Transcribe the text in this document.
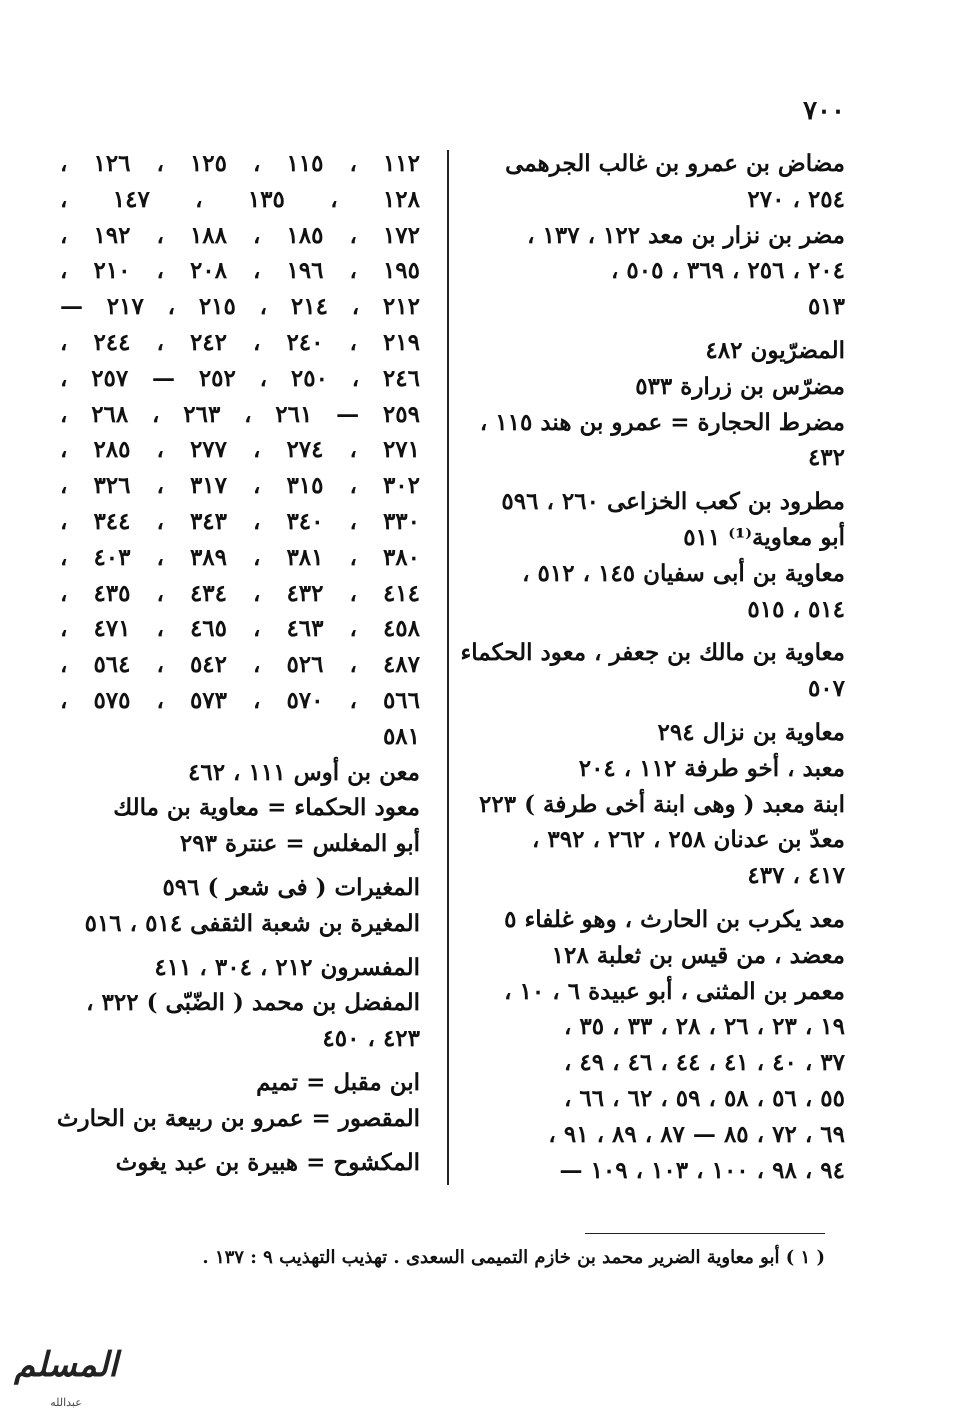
٧٠٠
مضاض بن عمرو بن غالب الجرهمى
٢٥٤ ، ٢٧٠
مضر بن نزار بن معد ١٢٢ ، ١٣٧ ،
٢٠٤ ، ٢٥٦ ، ٣٦٩ ، ٥٠٥ ،
٥١٣
المضرّيون ٤٨٢
مضرّس بن زرارة ٥٣٣
مضرط الحجارة = عمرو بن هند ١١٥ ،
٤٣٢
مطرود بن كعب الخزاعى ٢٦٠ ، ٥٩٦
أبو معاوية⁽¹⁾ ٥١١
معاوية بن أبى سفيان ١٤٥ ، ٥١٢ ،
٥١٤ ، ٥١٥
معاوية بن مالك بن جعفر ، معود الحكماء
٥٠٧
معاوية بن نزال ٢٩٤
معبد ، أخو طرفة ١١٢ ، ٢٠٤
ابنة معبد ( وهى ابنة أخى طرفة ) ٢٢٣
معدّ بن عدنان ٢٥٨ ، ٢٦٢ ، ٣٩٢ ،
٤١٧ ، ٤٣٧
معد يكرب بن الحارث ، وهو غلفاء ٥
معضد ، من قيس بن ثعلبة ١٢٨
معمر بن المثنى ، أبو عبيدة ٦ ، ١٠ ،
١٩ ، ٢٣ ، ٢٦ ، ٢٨ ، ٣٣ ، ٣٥ ،
٣٧ ، ٤٠ ، ٤١ ، ٤٤ ، ٤٦ ، ٤٩ ،
٥٥ ، ٥٦ ، ٥٨ ، ٥٩ ، ٦٢ ، ٦٦ ،
٦٩ ، ٧٢ ، ٨٥ — ٨٧ ، ٨٩ ، ٩١ ،
٩٤ ، ٩٨ ، ١٠٠ ، ١٠٣ ، ١٠٩ —
١١٢ ، ١١٥ ، ١٢٥ ، ١٢٦ ،
١٢٨ ، ١٣٥ ، ١٤٧ ،
١٧٢ ، ١٨٥ ، ١٨٨ ، ١٩٢ ،
١٩٥ ، ١٩٦ ، ٢٠٨ ، ٢١٠ ،
٢١٢ ، ٢١٤ ، ٢١٥ ، ٢١٧ —
٢١٩ ، ٢٤٠ ، ٢٤٢ ، ٢٤٤ ،
٢٤٦ ، ٢٥٠ ، ٢٥٢ — ٢٥٧ ،
٢٥٩ — ٢٦١ ، ٢٦٣ ، ٢٦٨ ،
٢٧١ ، ٢٧٤ ، ٢٧٧ ، ٢٨٥ ،
٣٠٢ ، ٣١٥ ، ٣١٧ ، ٣٢٦ ،
٣٣٠ ، ٣٤٠ ، ٣٤٣ ، ٣٤٤ ،
٣٨٠ ، ٣٨١ ، ٣٨٩ ، ٤٠٣ ،
٤١٤ ، ٤٣٢ ، ٤٣٤ ، ٤٣٥ ،
٤٥٨ ، ٤٦٣ ، ٤٦٥ ، ٤٧١ ،
٤٨٧ ، ٥٢٦ ، ٥٤٢ ، ٥٦٤ ،
٥٦٦ ، ٥٧٠ ، ٥٧٣ ، ٥٧٥ ،
٥٨١
معن بن أوس ١١١ ، ٤٦٢
معود الحكماء = معاوية بن مالك
أبو المغلس = عنترة ٢٩٣
المغيرات ( فى شعر ) ٥٩٦
المغيرة بن شعبة الثقفى ٥١٤ ، ٥١٦
المفسرون ٢١٢ ، ٣٠٤ ، ٤١١
المفضل بن محمد ( الضّبّى ) ٣٢٢ ،
٤٢٣ ، ٤٥٠
ابن مقبل = تميم
المقصور = عمرو بن ربيعة بن الحارث
المكشوح = هبيرة بن عبد يغوث
( ١ ) أبو معاوية الضرير محمد بن خازم التميمى السعدى . تهذيب التهذيب ٩ : ١٣٧ .
المسلم
عبدالله
